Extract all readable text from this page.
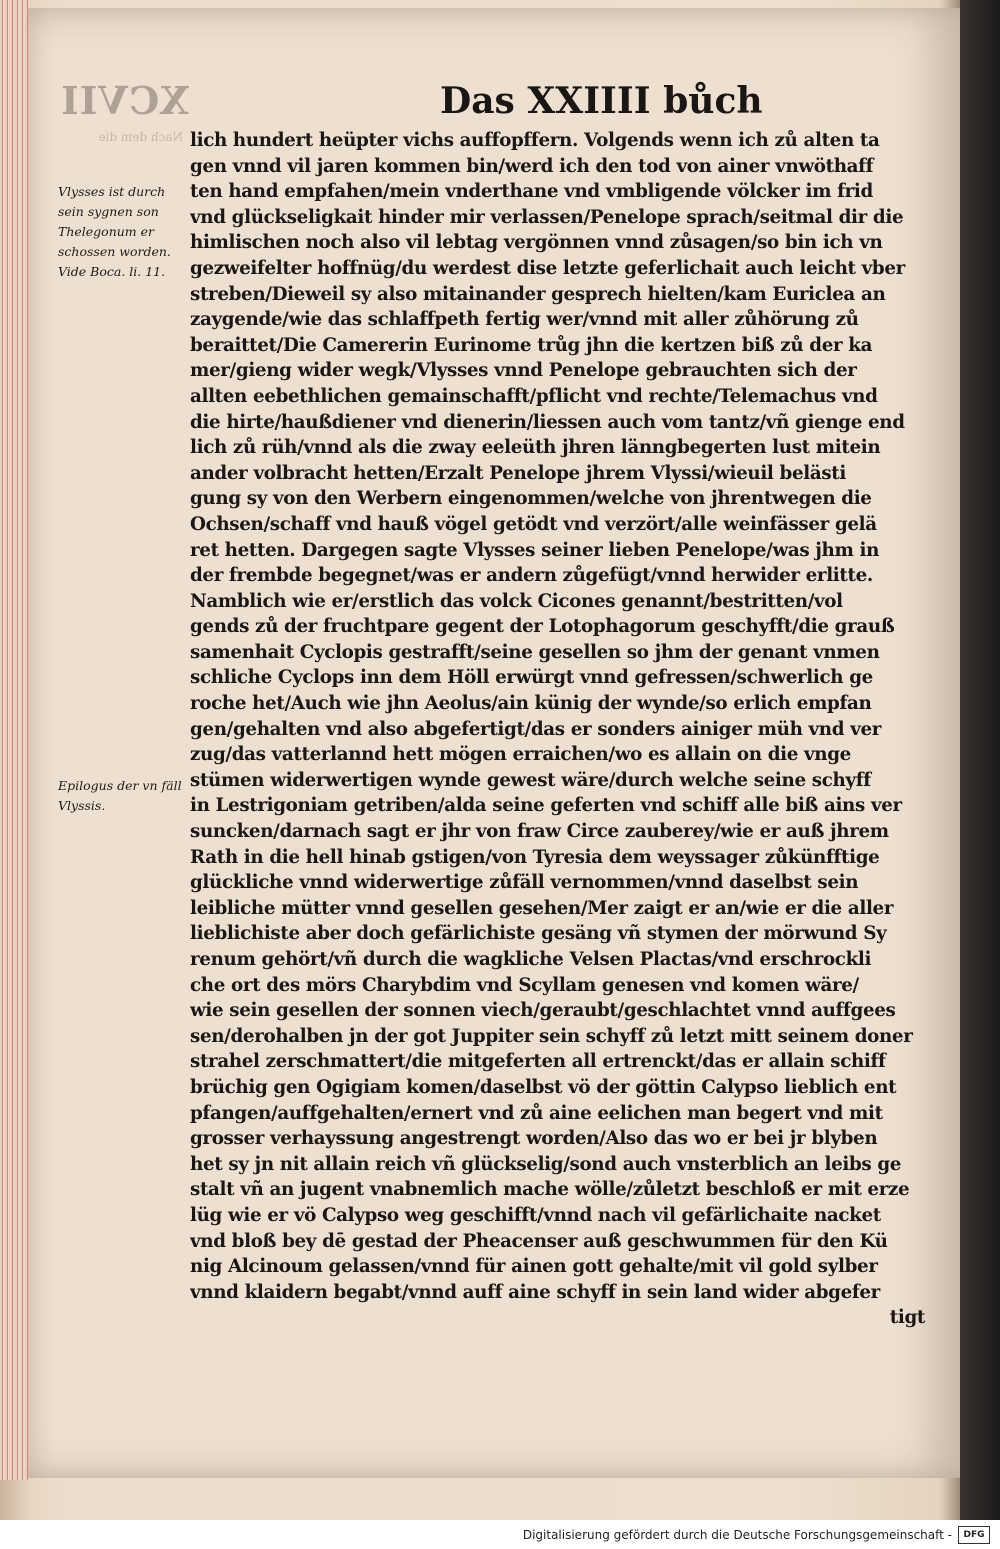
XCVII	Das XXIIII bůch
Nach dem die
Vlysses ist durch sein sygnen son Thelegonum er schossen worden. Vide Boca. li. 11.
Epilogus der vn fäll Vlyssis.
lich hundert heüpter vichs auffopffern. Volgends wenn ich zů alten ta
gen vnnd vil jaren kommen bin/werd ich den tod von ainer vnwöthaff
ten hand empfahen/mein vnderthane vnd vmbligende völcker im frid
vnd glückseligkait hinder mir verlassen/Penelope sprach/seitmal dir die
himlischen noch also vil lebtag vergönnen vnnd zůsagen/so bin ich vn
gezweifelter hoffnüg/du werdest dise letzte geferlichait auch leicht vber
streben/Dieweil sy also mitainander gesprech hielten/kam Euriclea an
zaygende/wie das schlaffpeth fertig wer/vnnd mit aller zůhörung zů
beraittet/Die Camererin Eurinome trůg jhn die kertzen biß zů der ka
mer/gieng wider wegk/Vlysses vnnd Penelope gebrauchten sich der
allten eebethlichen gemainschafft/pflicht vnd rechte/Telemachus vnd
die hirte/haußdiener vnd dienerin/liessen auch vom tantz/vñ gienge end
lich zů rüh/vnnd als die zway eeleüth jhren länngbegerten lust mitein
ander volbracht hetten/Erzalt Penelope jhrem Vlyssi/wieuil belästi
gung sy von den Werbern eingenommen/welche von jhrentwegen die
Ochsen/schaff vnd hauß vögel getödt vnd verzört/alle weinfässer gelä
ret hetten. Dargegen sagte Vlysses seiner lieben Penelope/was jhm in
der frembde begegnet/was er andern zůgefügt/vnnd herwider erlitte.
Namblich wie er/erstlich das volck Cicones genannt/bestritten/vol
gends zů der fruchtpare gegent der Lotophagorum geschyfft/die grauß
samenhait Cyclopis gestrafft/seine gesellen so jhm der genant vnmen
schliche Cyclops inn dem Höll erwürgt vnnd gefressen/schwerlich ge
roche het/Auch wie jhn Aeolus/ain künig der wynde/so erlich empfan
gen/gehalten vnd also abgefertigt/das er sonders ainiger müh vnd ver
zug/das vatterlannd hett mögen erraichen/wo es allain on die vnge
stümen widerwertigen wynde gewest wäre/durch welche seine schyff
in Lestrigoniam getriben/alda seine geferten vnd schiff alle biß ains ver
suncken/darnach sagt er jhr von fraw Circe zauberey/wie er auß jhrem
Rath in die hell hinab gstigen/von Tyresia dem weyssager zůkünfftige
glückliche vnnd widerwertige zůfäll vernommen/vnnd daselbst sein
leibliche mütter vnnd gesellen gesehen/Mer zaigt er an/wie er die aller
lieblichiste aber doch gefärlichiste gesäng vñ stymen der mörwund Sy
renum gehört/vñ durch die wagkliche Velsen Plactas/vnd erschrockli
che ort des mörs Charybdim vnd Scyllam genesen vnd komen wäre/
wie sein gesellen der sonnen viech/geraubt/geschlachtet vnnd auffgees
sen/derohalben jn der got Juppiter sein schyff zů letzt mitt seinem doner
strahel zerschmattert/die mitgeferten all ertrenckt/das er allain schiff
brüchig gen Ogigiam komen/daselbst vö der göttin Calypso lieblich ent
pfangen/auffgehalten/ernert vnd zů aine eelichen man begert vnd mit
grosser verhayssung angestrengt worden/Also das wo er bei jr blyben
het sy jn nit allain reich vñ glückselig/sond auch vnsterblich an leibs ge
stalt vñ an jugent vnabnemlich mache wölle/zůletzt beschloß er mit erze
lüg wie er vö Calypso weg geschifft/vnnd nach vil gefärlichaite nacket
vnd bloß bey dē gestad der Pheacenser auß geschwummen für den Kü
nig Alcinoum gelassen/vnnd für ainen gott gehalte/mit vil gold sylber
vnnd klaidern begabt/vnnd auff aine schyff in sein land wider abgefer
tigt
Digitalisierung gefördert durch die Deutsche Forschungsgemeinschaft -	DFG
